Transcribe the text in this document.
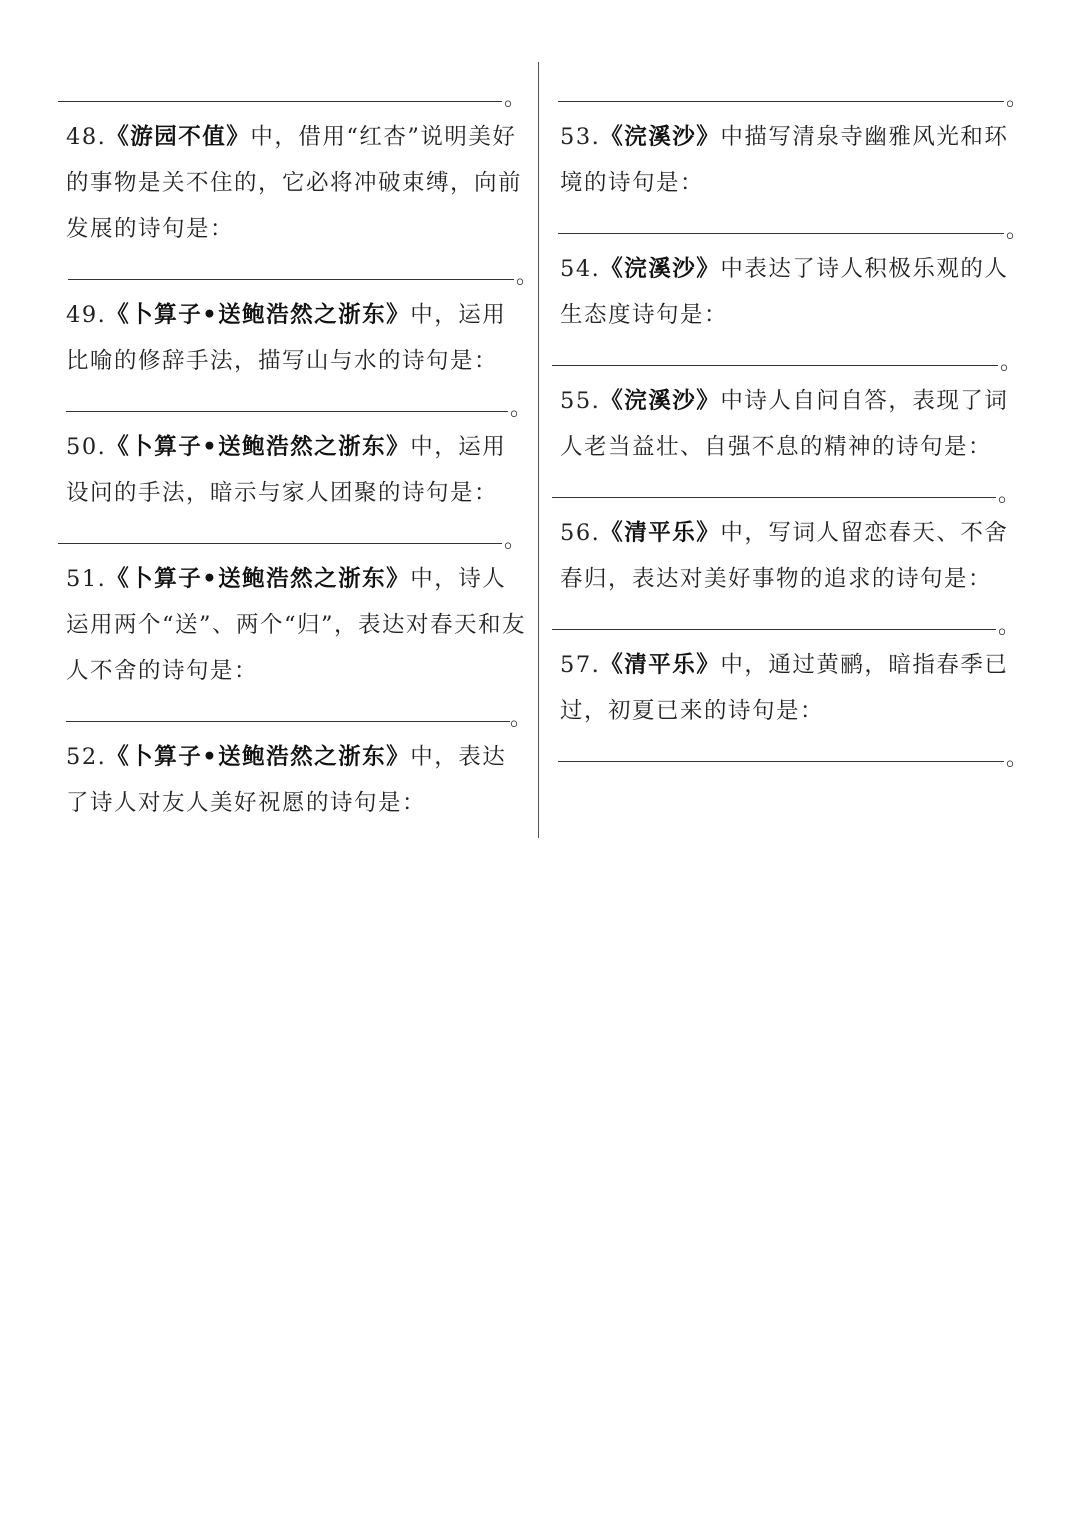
。

48.《游园不值》中，借用“红杏”说明美好的事物是关不住的，它必将冲破束缚，向前发展的诗句是：

。

49.《卜算子•送鲍浩然之浙东》中，运用比喻的修辞手法，描写山与水的诗句是：

。

50.《卜算子•送鲍浩然之浙东》中，运用设问的手法，暗示与家人团聚的诗句是：

。

51.《卜算子•送鲍浩然之浙东》中，诗人运用两个“送”、两个“归”，表达对春天和友人不舍的诗句是：

。

52.《卜算子•送鲍浩然之浙东》中，表达了诗人对友人美好祝愿的诗句是：

。

53.《浣溪沙》中描写清泉寺幽雅风光和环境的诗句是：

。

54.《浣溪沙》中表达了诗人积极乐观的人生态度诗句是：

。

55.《浣溪沙》中诗人自问自答，表现了词人老当益壮、自强不息的精神的诗句是：

。

56.《清平乐》中，写词人留恋春天、不舍春归，表达对美好事物的追求的诗句是：

。

57.《清平乐》中，通过黄鹂，暗指春季已过，初夏已来的诗句是：

。
